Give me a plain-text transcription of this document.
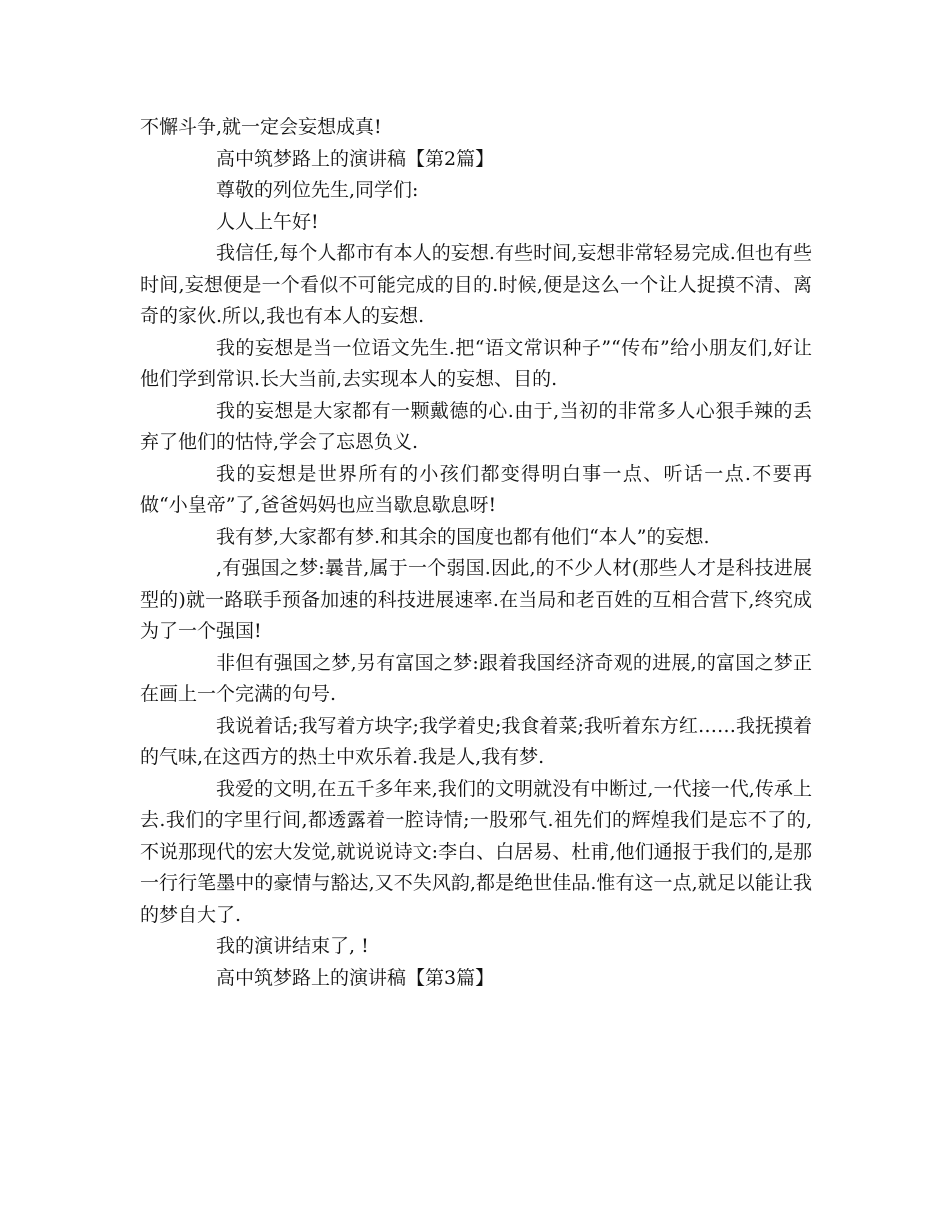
不懈斗争,就一定会妄想成真!

高中筑梦路上的演讲稿【第2篇】

尊敬的列位先生,同学们:

人人上午好!

我信任,每个人都市有本人的妄想.有些时间,妄想非常轻易完成.但也有些时间,妄想便是一个看似不可能完成的目的.时候,便是这么一个让人捉摸不清、离奇的家伙.所以,我也有本人的妄想.

我的妄想是当一位语文先生.把“语文常识种子”“传布”给小朋友们,好让他们学到常识.长大当前,去实现本人的妄想、目的.

我的妄想是大家都有一颗戴德的心.由于,当初的非常多人心狠手辣的丢弃了他们的怙恃,学会了忘恩负义.

我的妄想是世界所有的小孩们都变得明白事一点、听话一点.不要再做“小皇帝”了,爸爸妈妈也应当歇息歇息呀!

我有梦,大家都有梦.和其余的国度也都有他们“本人”的妄想.

,有强国之梦:曩昔,属于一个弱国.因此,的不少人材(那些人才是科技进展型的)就一路联手预备加速的科技进展速率.在当局和老百姓的互相合营下,终究成为了一个强国!

非但有强国之梦,另有富国之梦:跟着我国经济奇观的进展,的富国之梦正在画上一个完满的句号.

我说着话;我写着方块字;我学着史;我食着菜;我听着东方红……我抚摸着的气味,在这西方的热土中欢乐着.我是人,我有梦.

我爱的文明,在五千多年来,我们的文明就没有中断过,一代接一代,传承上去.我们的字里行间,都透露着一腔诗情;一股邪气.祖先们的辉煌我们是忘不了的,不说那现代的宏大发觉,就说说诗文:李白、白居易、杜甫,他们通报于我们的,是那一行行笔墨中的豪情与豁达,又不失风韵,都是绝世佳品.惟有这一点,就足以能让我的梦自大了.

我的演讲结束了, !

高中筑梦路上的演讲稿【第3篇】
